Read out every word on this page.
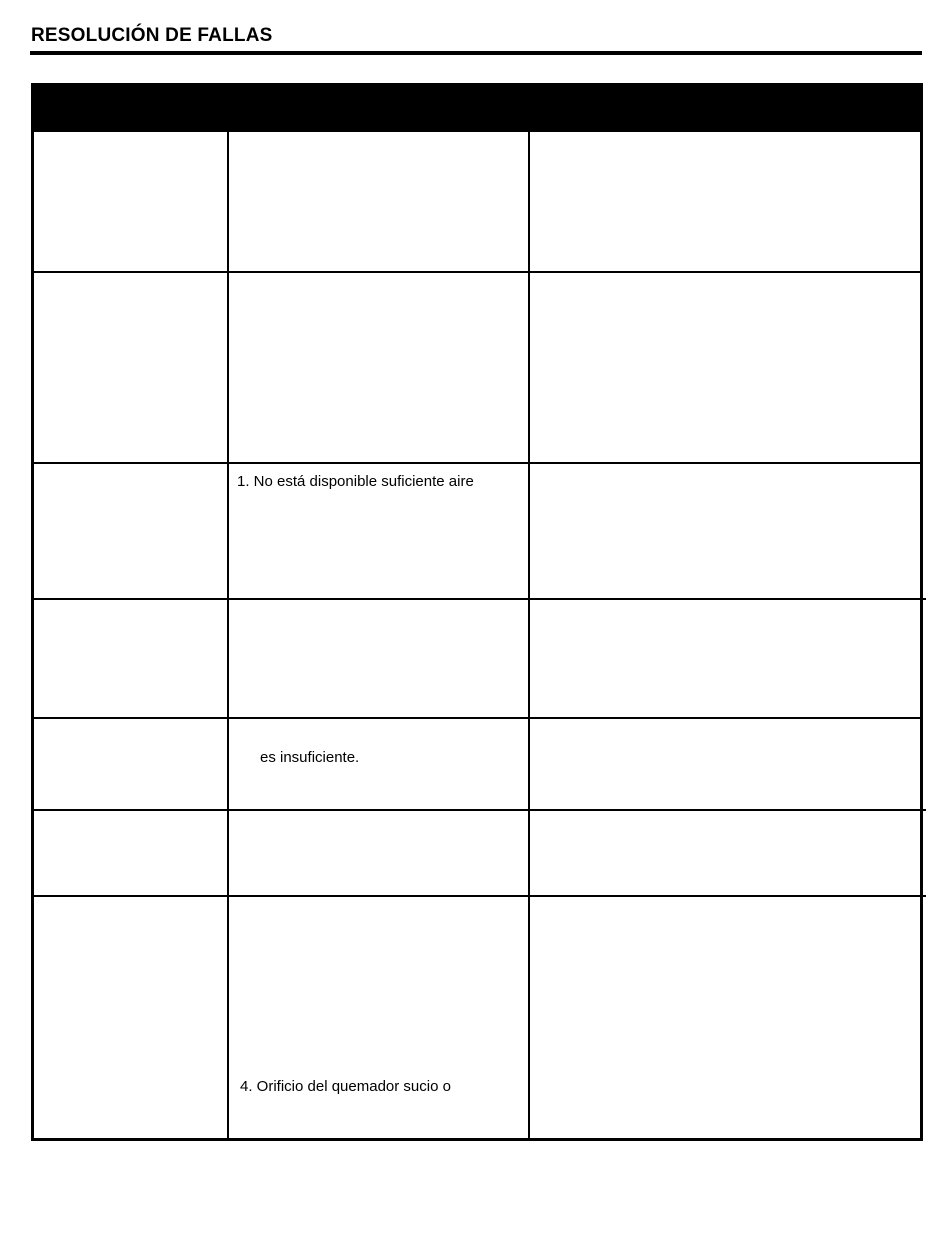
RESOLUCIÓN DE FALLAS
1. No está disponible suficiente aire
es insuficiente.
4. Orificio del quemador sucio o
